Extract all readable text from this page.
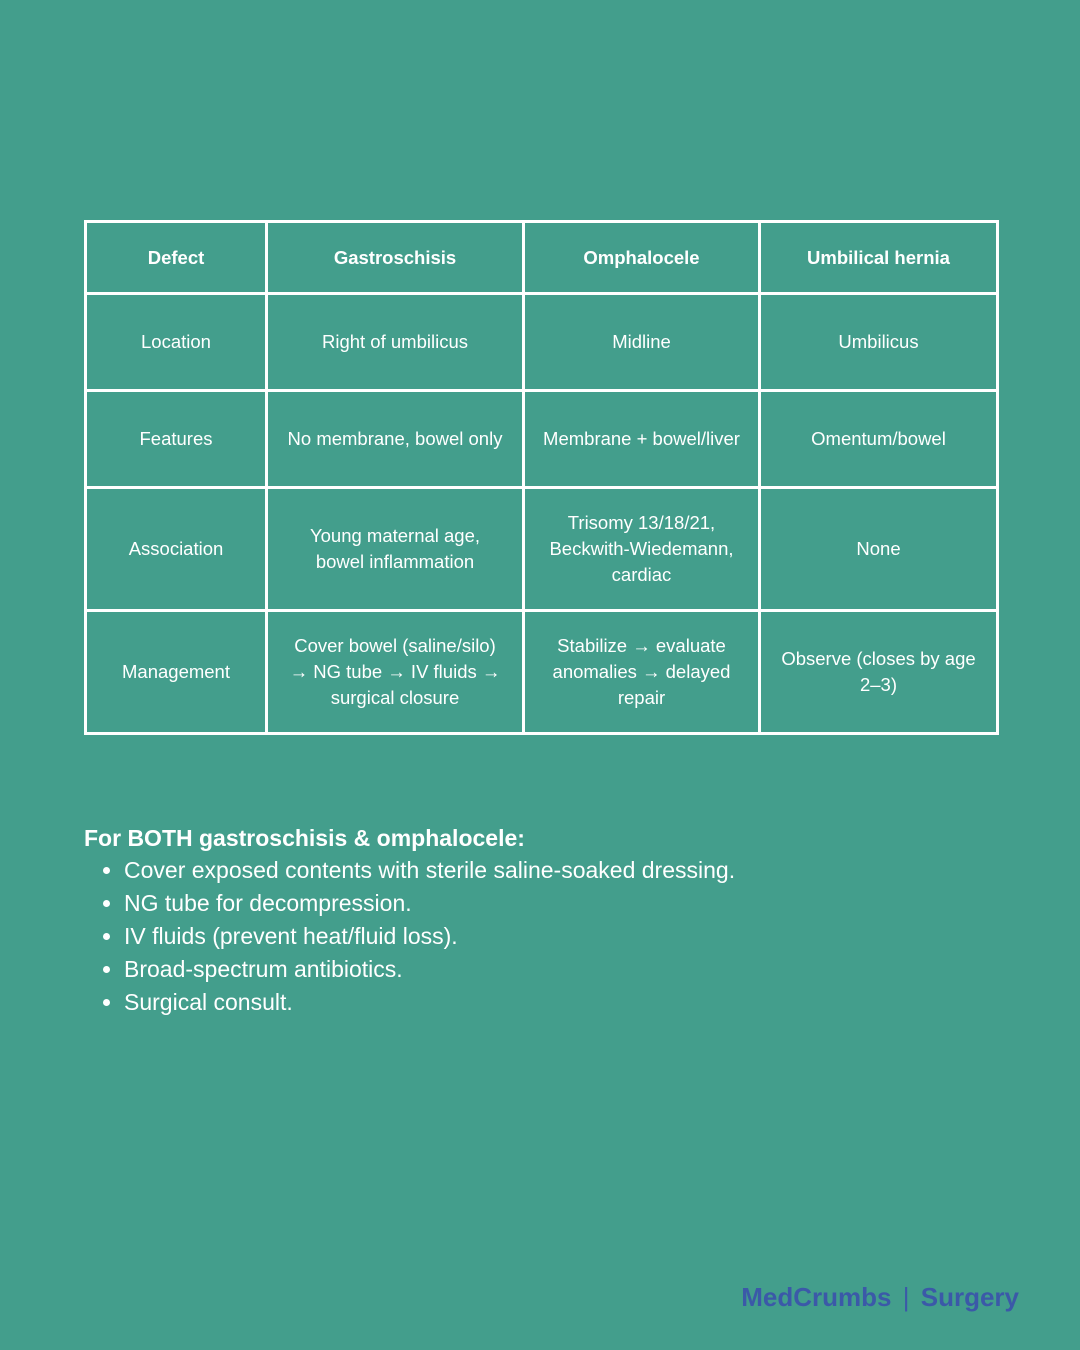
Defect	Gastroschisis	Omphalocele	Umbilical hernia
Location	Right of umbilicus	Midline	Umbilicus
Features	No membrane, bowel only	Membrane + bowel/liver	Omentum/bowel
Association	Young maternal age, bowel inflammation	Trisomy 13/18/21, Beckwith-Wiedemann, cardiac	None
Management	Cover bowel (saline/silo) → NG tube → IV fluids → surgical closure	Stabilize → evaluate anomalies → delayed repair	Observe (closes by age 2–3)

For BOTH gastroschisis & omphalocele:

• Cover exposed contents with sterile saline-soaked dressing.
• NG tube for decompression.
• IV fluids (prevent heat/fluid loss).
• Broad-spectrum antibiotics.
• Surgical consult.
MedCrumbs | Surgery
